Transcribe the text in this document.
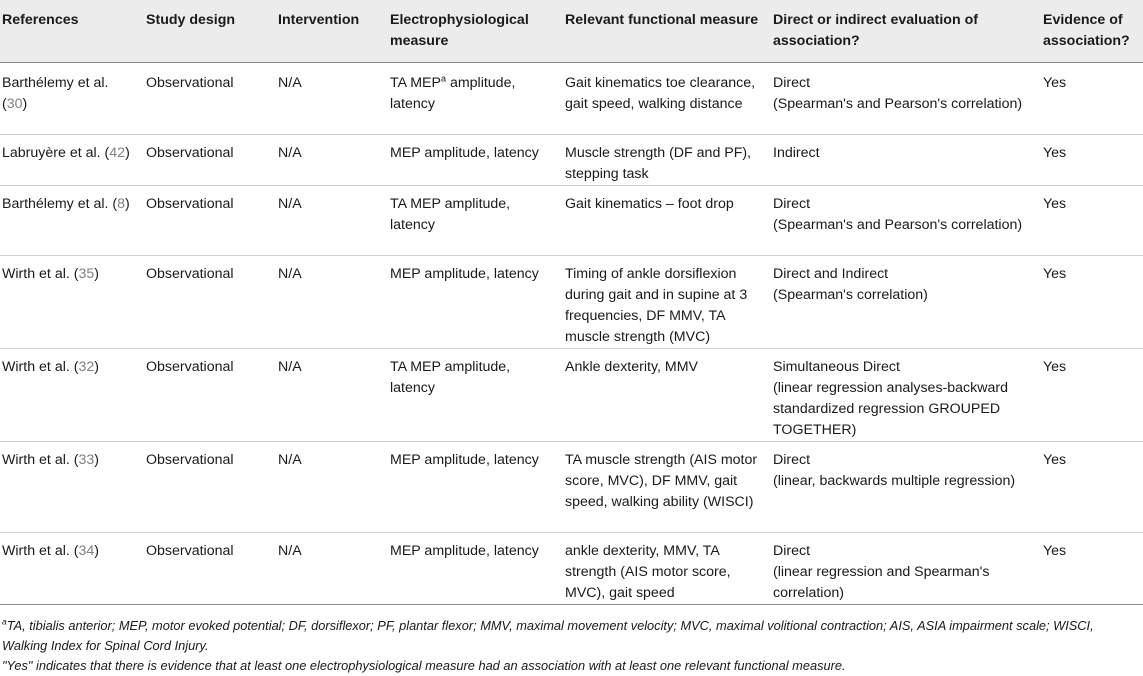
References	Study design	Intervention	Electrophysiological measure	Relevant functional measure	Direct or indirect evaluation of association?	Evidence of association?
Barthélemy et al. (30)	Observational	N/A	TA MEP$^a$ amplitude, latency	Gait kinematics toe clearance, gait speed, walking distance	Direct
(Spearman's and Pearson's correlation)	Yes
Labruyère et al. (42)	Observational	N/A	MEP amplitude, latency	Muscle strength (DF and PF), stepping task	Indirect	Yes
Barthélemy et al. (8)	Observational	N/A	TA MEP amplitude, latency	Gait kinematics – foot drop	Direct
(Spearman's and Pearson's correlation)	Yes
Wirth et al. (35)	Observational	N/A	MEP amplitude, latency	Timing of ankle dorsiflexion during gait and in supine at 3 frequencies, DF MMV, TA muscle strength (MVC)	Direct and Indirect
(Spearman's correlation)	Yes
Wirth et al. (32)	Observational	N/A	TA MEP amplitude, latency	Ankle dexterity, MMV	Simultaneous Direct
(linear regression analyses-backward standardized regression GROUPED TOGETHER)	Yes
Wirth et al. (33)	Observational	N/A	MEP amplitude, latency	TA muscle strength (AIS motor score, MVC), DF MMV, gait speed, walking ability (WISCI)	Direct
(linear, backwards multiple regression)	Yes
Wirth et al. (34)	Observational	N/A	MEP amplitude, latency	ankle dexterity, MMV, TA strength (AIS motor score, MVC), gait speed	Direct
(linear regression and Spearman's correlation)	Yes
$^a$TA, tibialis anterior; MEP, motor evoked potential; DF, dorsiflexor; PF, plantar flexor; MMV, maximal movement velocity; MVC, maximal volitional contraction; AIS, ASIA impairment scale; WISCI, Walking Index for Spinal Cord Injury.
"Yes" indicates that there is evidence that at least one electrophysiological measure had an association with at least one relevant functional measure.
